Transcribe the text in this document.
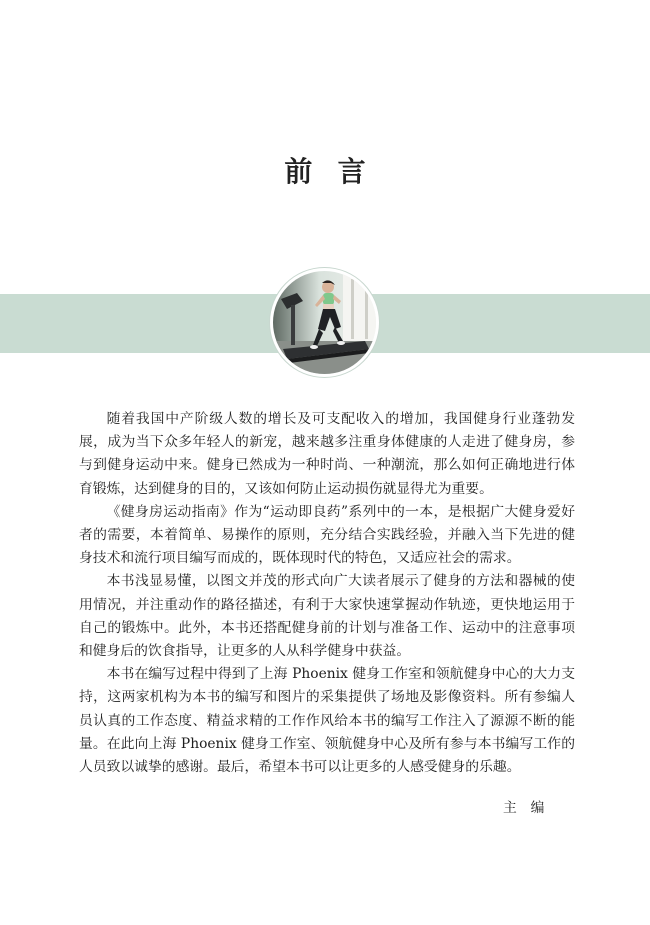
前言

随着我国中产阶级人数的增长及可支配收入的增加，我国健身行业蓬勃发展，成为当下众多年轻人的新宠，越来越多注重身体健康的人走进了健身房，参与到健身运动中来。健身已然成为一种时尚、一种潮流，那么如何正确地进行体育锻炼，达到健身的目的，又该如何防止运动损伤就显得尤为重要。

《健身房运动指南》作为“运动即良药”系列中的一本，是根据广大健身爱好者的需要，本着简单、易操作的原则，充分结合实践经验，并融入当下先进的健身技术和流行项目编写而成的，既体现时代的特色，又适应社会的需求。

本书浅显易懂，以图文并茂的形式向广大读者展示了健身的方法和器械的使用情况，并注重动作的路径描述，有利于大家快速掌握动作轨迹，更快地运用于自己的锻炼中。此外，本书还搭配健身前的计划与准备工作、运动中的注意事项和健身后的饮食指导，让更多的人从科学健身中获益。

本书在编写过程中得到了上海 Phoenix 健身工作室和领航健身中心的大力支持，这两家机构为本书的编写和图片的采集提供了场地及影像资料。所有参编人员认真的工作态度、精益求精的工作作风给本书的编写工作注入了源源不断的能量。在此向上海 Phoenix 健身工作室、领航健身中心及所有参与本书编写工作的人员致以诚挚的感谢。最后，希望本书可以让更多的人感受健身的乐趣。

主编
